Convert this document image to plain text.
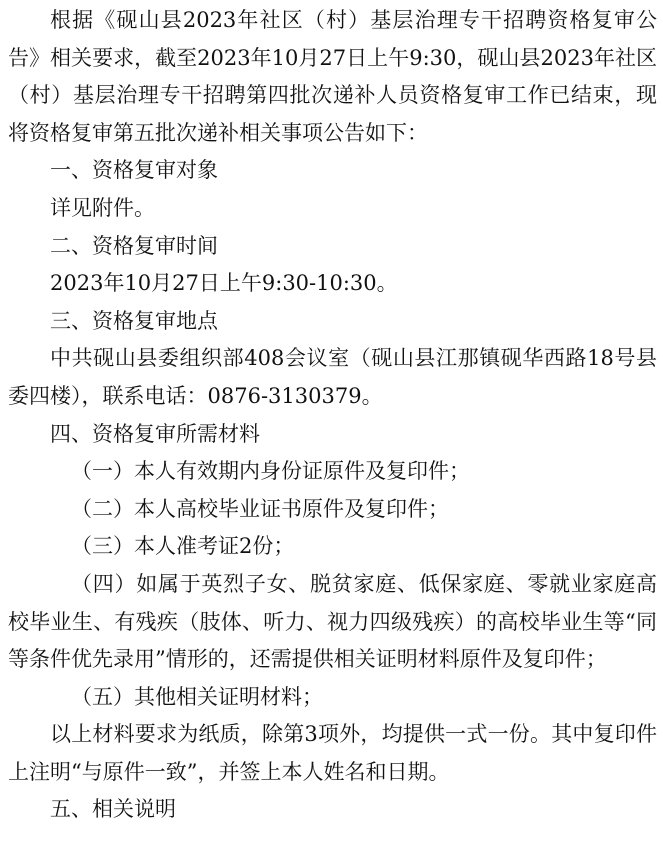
根据《砚山县2023年社区（村）基层治理专干招聘资格复审公告》相关要求，截至2023年10月27日上午9:30，砚山县2023年社区（村）基层治理专干招聘第四批次递补人员资格复审工作已结束，现将资格复审第五批次递补相关事项公告如下：

一、资格复审对象

详见附件。

二、资格复审时间

2023年10月27日上午9:30-10:30。

三、资格复审地点

中共砚山县委组织部408会议室（砚山县江那镇砚华西路18号县委四楼），联系电话：0876-3130379。

四、资格复审所需材料

（一）本人有效期内身份证原件及复印件；

（二）本人高校毕业证书原件及复印件；

（三）本人准考证2份；

（四）如属于英烈子女、脱贫家庭、低保家庭、零就业家庭高校毕业生、有残疾（肢体、听力、视力四级残疾）的高校毕业生等“同等条件优先录用”情形的，还需提供相关证明材料原件及复印件；

（五）其他相关证明材料；

以上材料要求为纸质，除第3项外，均提供一式一份。其中复印件上注明“与原件一致”，并签上本人姓名和日期。

五、相关说明
